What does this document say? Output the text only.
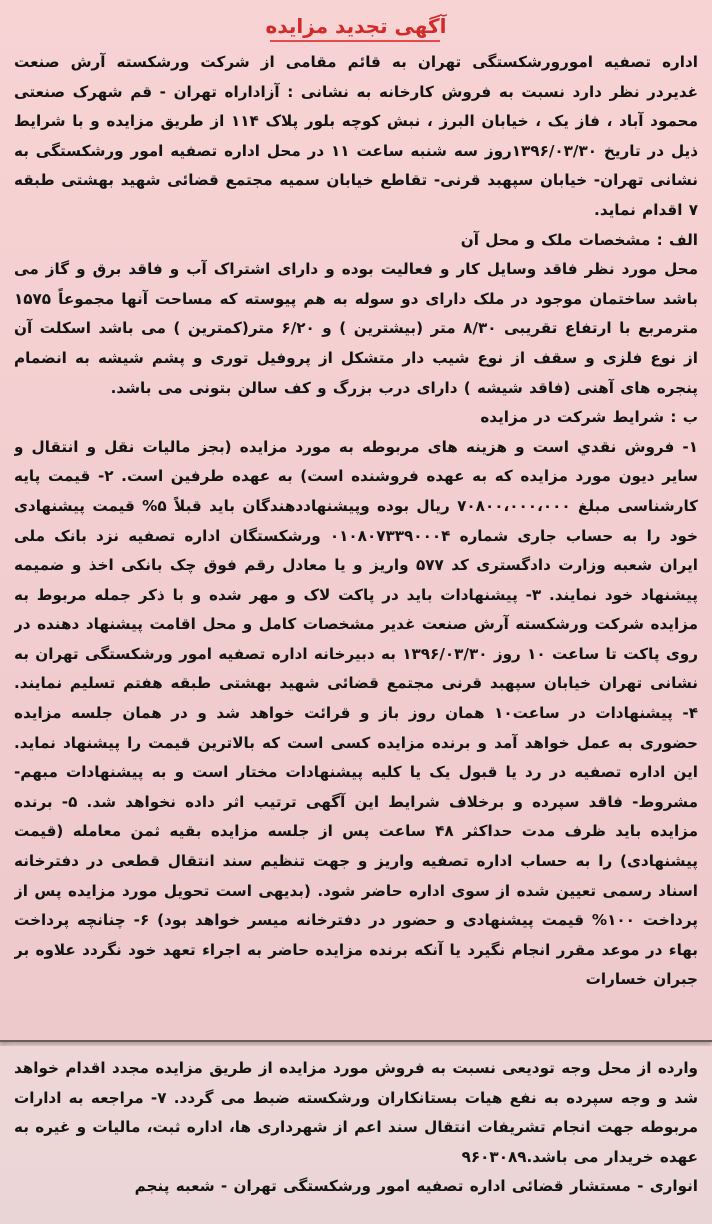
آگهی تجدید مزایده

اداره تصفیه امورورشکستگی تهران به قائم مقامی از شرکت ورشکسته آرش صنعت غدیردر نظر دارد نسبت به فروش کارخانه به نشانی : آزاداراه تهران - قم شهرک صنعتی محمود آباد ، فاز یک ، خیابان البرز ، نبش کوچه بلور پلاک ۱۱۴ از طریق مزایده و با شرایط ذیل در تاریخ ۱۳۹۶/۰۳/۳۰روز سه شنبه ساعت ۱۱ در محل اداره تصفیه امور ورشکستگی به نشانی تهران- خیابان سپهبد قرنی- تقاطع خیابان سمیه مجتمع قضائی شهید بهشتی طبقه ۷ اقدام نماید.

الف : مشخصات ملک و محل آن

محل مورد نظر فاقد وسایل کار و فعالیت بوده و دارای اشتراک آب و فاقد برق و گاز می باشد ساختمان موجود در ملک دارای دو سوله به هم پیوسته که مساحت آنها مجموعاً ۱۵۷۵ مترمربع با ارتفاع تقریبی ۸/۳۰ متر (بیشترین ) و ۶/۲۰ متر(کمترین ) می باشد اسکلت آن از نوع فلزی و سقف از نوع شیب دار متشکل از پروفیل توری و پشم شیشه به انضمام پنجره های آهنی (فاقد شیشه ) دارای درب بزرگ و کف سالن بتونی می باشد.

ب : شرایط شرکت در مزایده

۱- فروش نقدي است و هزینه های مربوطه به مورد مزایده (بجز مالیات نقل و انتقال و سایر دیون مورد مزایده که به عهده فروشنده است) به عهده طرفین است. ۲- قیمت پایه کارشناسی مبلغ ۷۰۸۰۰،۰۰۰،۰۰۰ ریال بوده وپیشنهاددهندگان باید قبلاً ۵% قیمت پیشنهادی خود را به حساب جاری شماره ۰۱۰۸۰۷۳۳۹۰۰۰۴ ورشکستگان اداره تصفیه نزد بانک ملی ایران شعبه وزارت دادگستری کد ۵۷۷ واریز و یا معادل رقم فوق چک بانکی اخذ و ضمیمه پیشنهاد خود نمایند. ۳- پیشنهادات باید در پاکت لاک و مهر شده و با ذکر جمله مربوط به مزایده شرکت ورشکسته آرش صنعت غدیر مشخصات کامل و محل اقامت پیشنهاد دهنده در روی پاکت تا ساعت ۱۰ روز ۱۳۹۶/۰۳/۳۰ به دبیرخانه اداره تصفیه امور ورشکستگی تهران به نشانی تهران خیابان سپهبد قرنی مجتمع قضائی شهید بهشتی طبقه هفتم تسلیم نمایند. ۴- پیشنهادات در ساعت۱۰ همان روز باز و قرائت خواهد شد و در همان جلسه مزایده حضوری به عمل خواهد آمد و برنده مزایده کسی است که بالاترین قیمت را پیشنهاد نماید. این اداره تصفیه در رد یا قبول یک یا کلیه پیشنهادات مختار است و به پیشنهادات مبهم- مشروط- فاقد سپرده و برخلاف شرایط این آگهی ترتیب اثر داده نخواهد شد. ۵- برنده مزایده باید ظرف مدت حداکثر ۴۸ ساعت پس از جلسه مزایده بقیه ثمن معامله (قیمت پیشنهادی) را به حساب اداره تصفیه واریز و جهت تنظیم سند انتقال قطعی در دفترخانه اسناد رسمی تعیین شده از سوی اداره حاضر شود. (بدیهی است تحویل مورد مزایده پس از پرداخت ۱۰۰% قیمت پیشنهادی و حضور در دفترخانه میسر خواهد بود) ۶- چنانچه پرداخت بهاء در موعد مقرر انجام نگیرد یا آنکه برنده مزایده حاضر به اجراء تعهد خود نگردد علاوه بر جبران خسارات

وارده از محل وجه تودیعی نسبت به فروش مورد مزایده از طریق مزایده مجدد اقدام خواهد شد و وجه سپرده به نفع هیات بستانکاران ورشکسته ضبط می گردد. ۷- مراجعه به ادارات مربوطه جهت انجام تشریفات انتقال سند اعم از شهرداری ها، اداره ثبت، مالیات و غیره به عهده خریدار می باشد.۹۶۰۳۰۸۹

انواری - مستشار قضائی اداره تصفیه امور ورشکستگی تهران - شعبه پنجم
